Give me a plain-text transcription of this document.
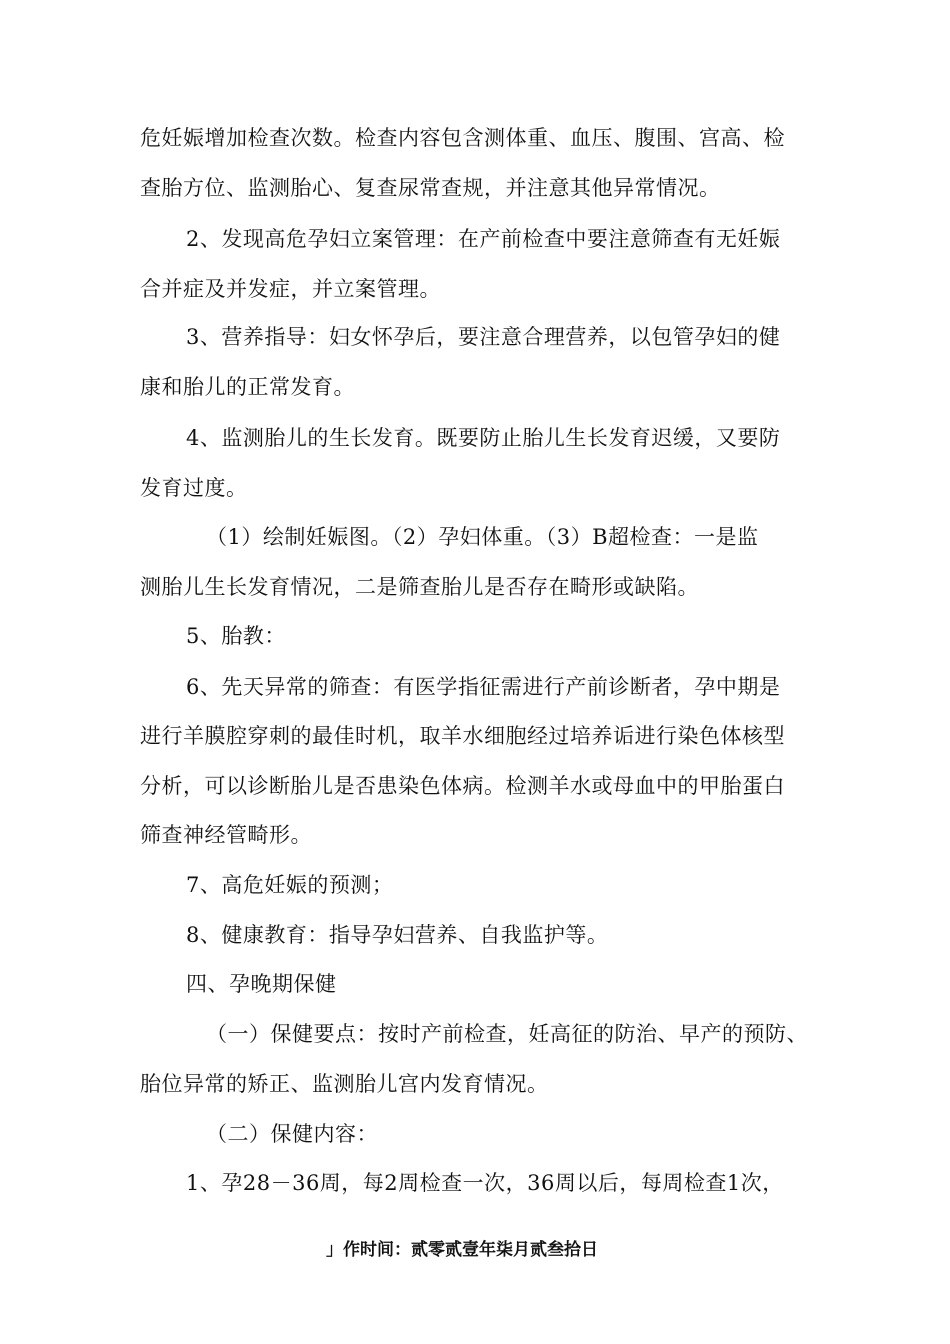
危妊娠增加检查次数。检查内容包含测体重、血压、腹围、宫高、检
查胎方位、监测胎心、复查尿常查规，并注意其他异常情况。
2、发现高危孕妇立案管理：在产前检查中要注意筛查有无妊娠
合并症及并发症，并立案管理。
3、营养指导：妇女怀孕后，要注意合理营养，以包管孕妇的健
康和胎儿的正常发育。
4、监测胎儿的生长发育。既要防止胎儿生长发育迟缓，又要防
发育过度。
（1）绘制妊娠图。（2）孕妇体重。（3）B超检查：一是监
测胎儿生长发育情况，二是筛查胎儿是否存在畸形或缺陷。
5、胎教：
6、先天异常的筛查：有医学指征需进行产前诊断者，孕中期是
进行羊膜腔穿刺的最佳时机，取羊水细胞经过培养诟进行染色体核型
分析，可以诊断胎儿是否患染色体病。检测羊水或母血中的甲胎蛋白
筛查神经管畸形。
7、高危妊娠的预测；
8、健康教育：指导孕妇营养、自我监护等。
四、孕晚期保健
（一）保健要点：按时产前检查，妊高征的防治、早产的预防、
胎位异常的矫正、监测胎儿宫内发育情况。
（二）保健内容：
1、孕28－36周，每2周检查一次，36周以后，每周检查1次，
」作时间：贰零贰壹年柒月贰叁拾日
